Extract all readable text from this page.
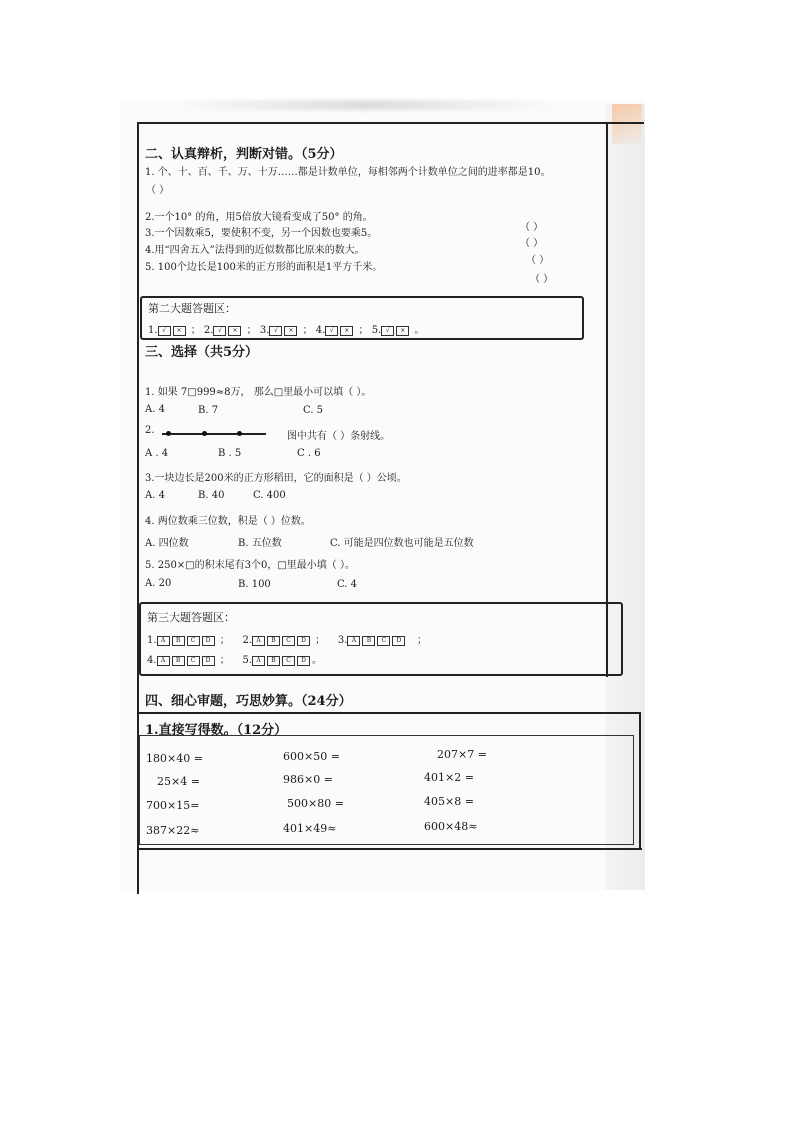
二、认真辩析，判断对错。（5分）
1. 个、十、百、千、万、十万……都是计数单位，每相邻两个计数单位之间的进率都是10。
（ ）
2.一个10° 的角，用5倍放大镜看变成了50° 的角。
3.一个因数乘5，要使积不变，另一个因数也要乘5。
4.用“四舍五入”法得到的近似数都比原来的数大。
5. 100个边长是100米的正方形的面积是1平方千米。
（ ）
（ ）
（ ）
（ ）
第二大题答题区：
1. √ × ； 2. √ × ； 3. √ × ； 4. √ × ； 5. √ × 。
三、选择（共5分）
1. 如果 7□999≈8万， 那么□里最小可以填（ ）。
A. 4	B. 7	C. 5
2.
图中共有（ ）条射线。
A . 4	B . 5	C . 6
3.一块边长是200米的正方形稻田，它的面积是（ ）公顷。
A. 4	B. 40	C. 400
4. 两位数乘三位数，积是（ ）位数。
A. 四位数	B. 五位数	C. 可能是四位数也可能是五位数
5. 250×□的积末尾有3个0，□里最小填（ ）。
A. 20	B. 100	C. 4
第三大题答题区：
1. A B C D ；    2. A B C D ；    3. A B C D   ；
4. A B C D ；    5. A B C D 。
四、细心审题，巧思妙算。（24分）
1.直接写得数。（12分）
180×40 =	600×50 =	207×7 =
25×4 =	986×0 =	401×2 =
700×15=	500×80 =	405×8 =
387×22≈	401×49≈	600×48≈
